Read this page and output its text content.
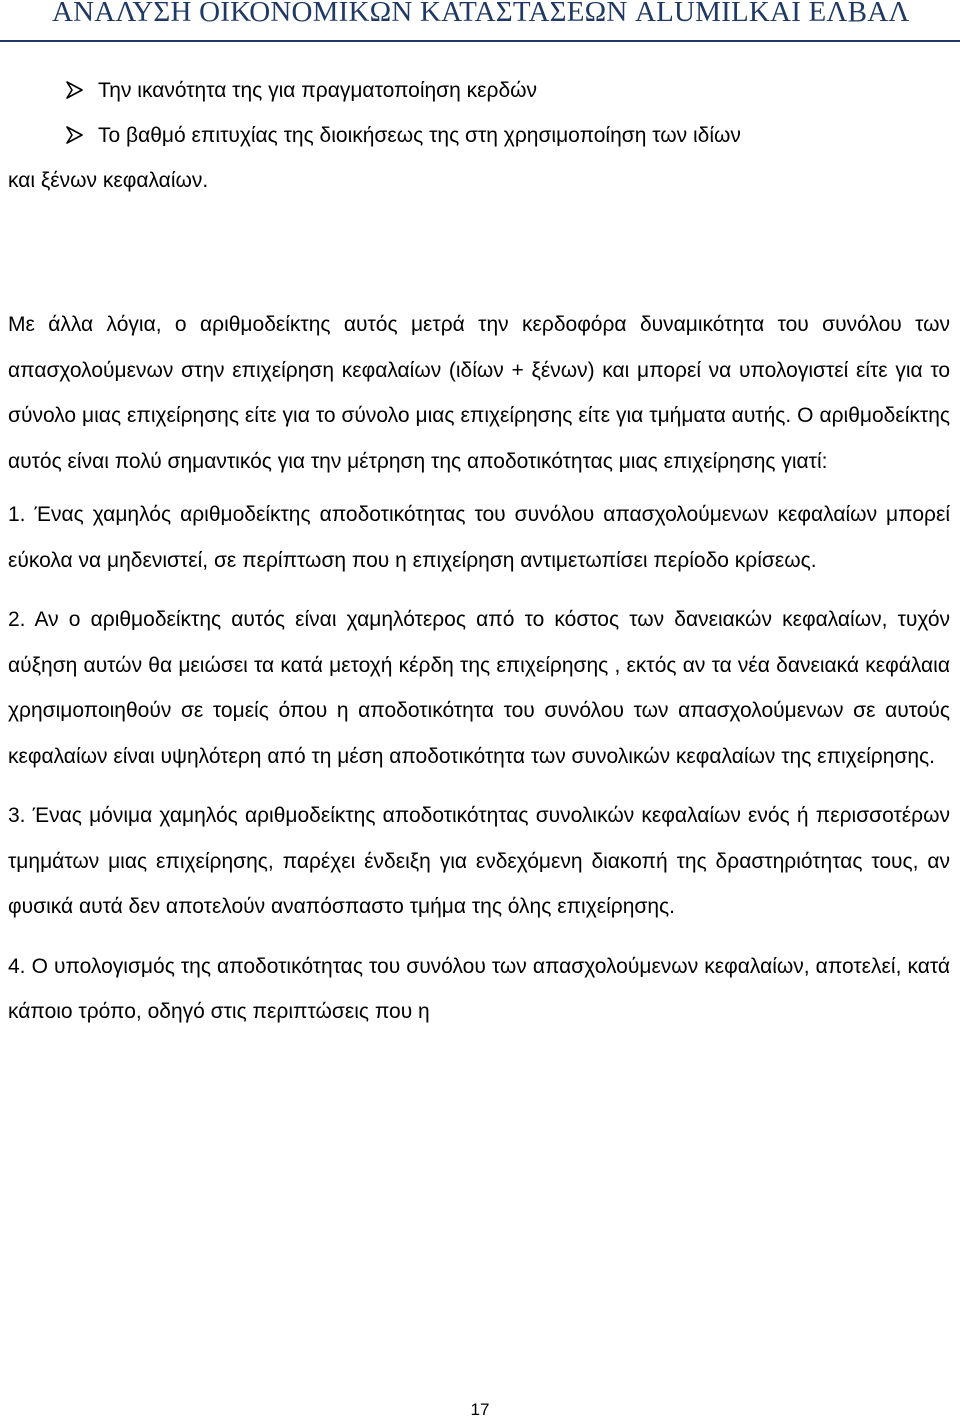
ΑΝΑΛΥΣΗ ΟΙΚΟΝΟΜΙΚΩΝ ΚΑΤΑΣΤΑΣΕΩΝ ALUMILKAI ΕΛΒΑΛ
Την ικανότητα της για πραγματοποίηση κερδών
Το βαθμό επιτυχίας της διοικήσεως της στη χρησιμοποίηση των ιδίων
και ξένων κεφαλαίων.

Με άλλα λόγια, ο αριθμοδείκτης αυτός μετρά την κερδοφόρα δυναμικότητα του συνόλου των απασχολούμενων στην επιχείρηση κεφαλαίων (ιδίων + ξένων) και μπορεί να υπολογιστεί είτε για το σύνολο μιας επιχείρησης είτε για το σύνολο μιας επιχείρησης είτε για τμήματα αυτής. Ο αριθμοδείκτης αυτός είναι πολύ σημαντικός για την μέτρηση της αποδοτικότητας μιας επιχείρησης γιατί:

1. Ένας χαμηλός αριθμοδείκτης αποδοτικότητας του συνόλου απασχολούμενων κεφαλαίων μπορεί εύκολα να μηδενιστεί, σε περίπτωση που η επιχείρηση αντιμετωπίσει περίοδο κρίσεως.

2. Αν ο αριθμοδείκτης αυτός είναι χαμηλότερος από το κόστος των δανειακών κεφαλαίων, τυχόν αύξηση αυτών θα μειώσει τα κατά μετοχή κέρδη της επιχείρησης , εκτός αν τα νέα δανειακά κεφάλαια χρησιμοποιηθούν σε τομείς όπου η αποδοτικότητα του συνόλου των απασχολούμενων σε αυτούς κεφαλαίων είναι υψηλότερη από τη μέση αποδοτικότητα των συνολικών κεφαλαίων της επιχείρησης.

3. Ένας μόνιμα χαμηλός αριθμοδείκτης αποδοτικότητας συνολικών κεφαλαίων ενός ή περισσοτέρων τμημάτων μιας επιχείρησης, παρέχει ένδειξη για ενδεχόμενη διακοπή της δραστηριότητας τους, αν φυσικά αυτά δεν αποτελούν αναπόσπαστο τμήμα της όλης επιχείρησης.

4. Ο υπολογισμός της αποδοτικότητας του συνόλου των απασχολούμενων κεφαλαίων, αποτελεί, κατά κάποιο τρόπο, οδηγό στις περιπτώσεις που η

17
